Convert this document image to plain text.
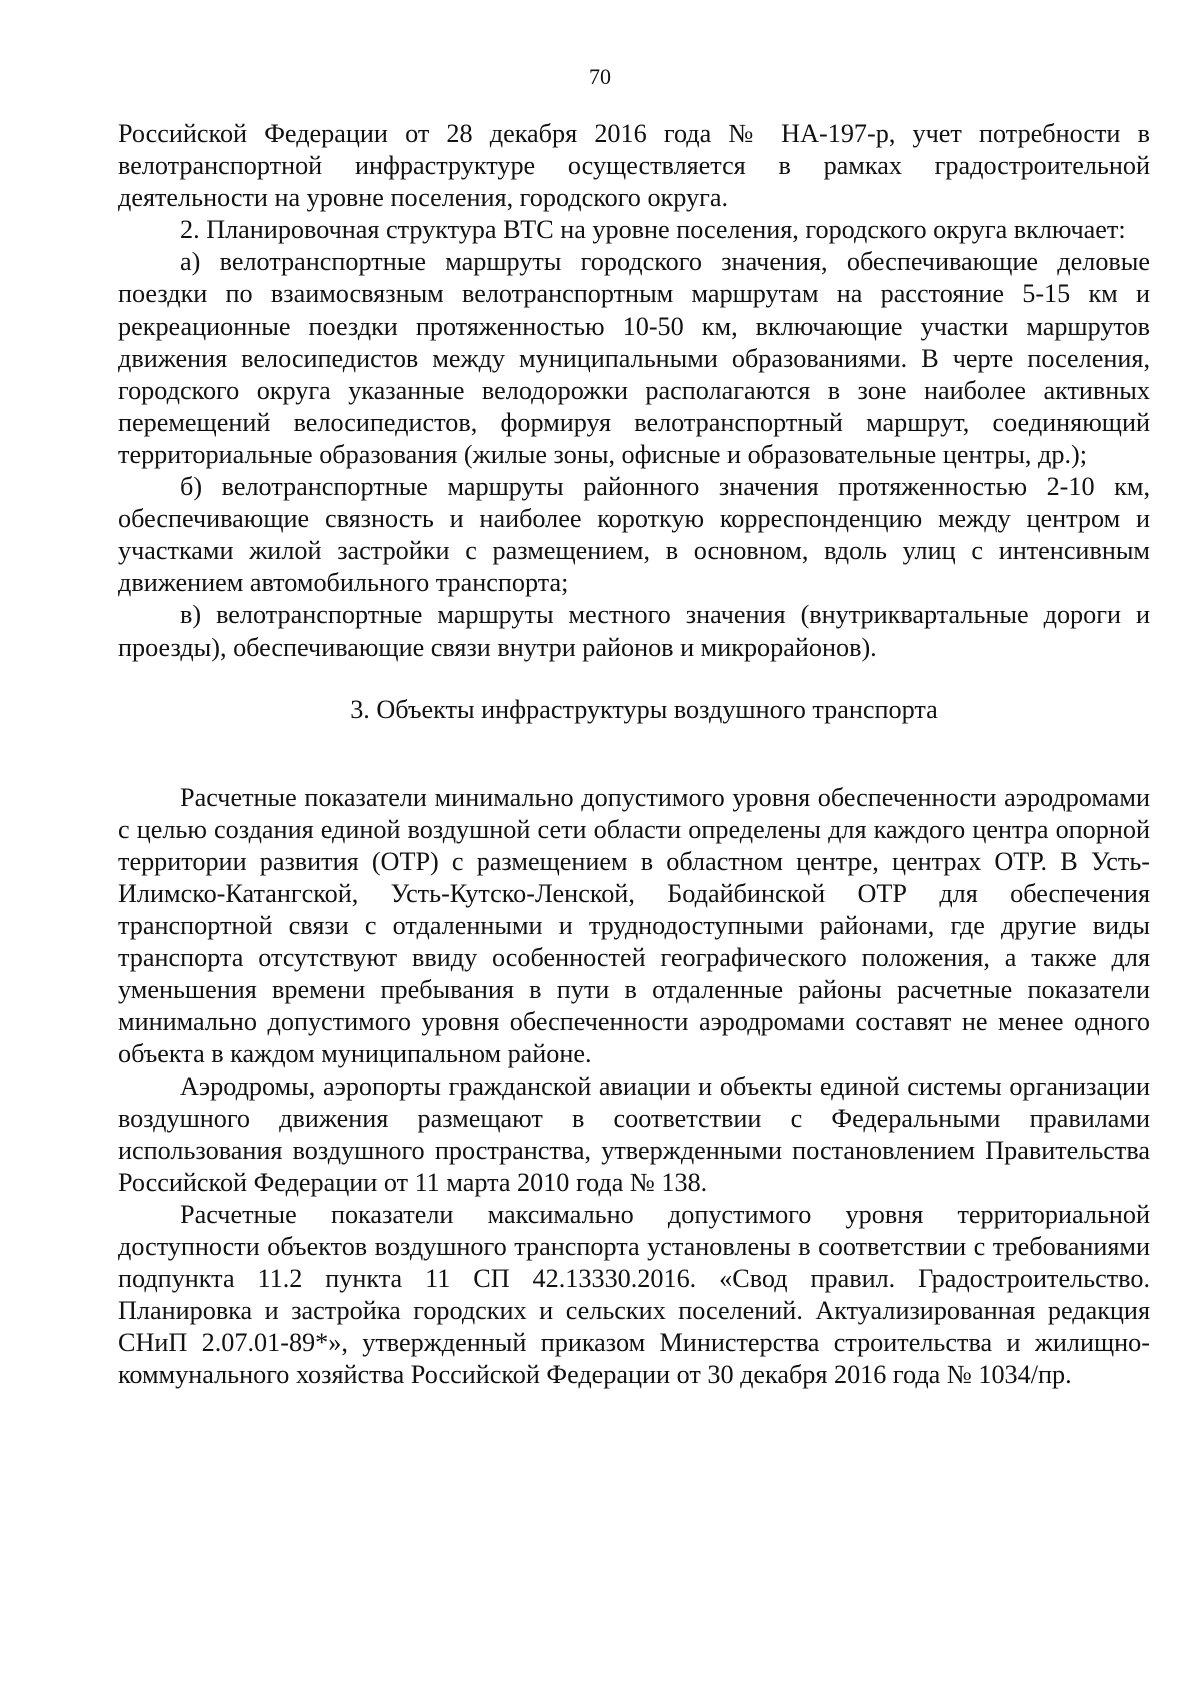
70

Российской Федерации от 28 декабря 2016 года № НА-197-р, учет потребности в велотранспортной инфраструктуре осуществляется в рамках градостроительной деятельности на уровне поселения, городского округа.

2. Планировочная структура ВТС на уровне поселения, городского округа включает:

а) велотранспортные маршруты городского значения, обеспечивающие деловые поездки по взаимосвязным велотранспортным маршрутам на расстояние 5-15 км и рекреационные поездки протяженностью 10-50 км, включающие участки маршрутов движения велосипедистов между муниципальными образованиями. В черте поселения, городского округа указанные велодорожки располагаются в зоне наиболее активных перемещений велосипедистов, формируя велотранспортный маршрут, соединяющий территориальные образования (жилые зоны, офисные и образовательные центры, др.);

б) велотранспортные маршруты районного значения протяженностью 2-10 км, обеспечивающие связность и наиболее короткую корреспонденцию между центром и участками жилой застройки с размещением, в основном, вдоль улиц с интенсивным движением автомобильного транспорта;

в) велотранспортные маршруты местного значения (внутриквартальные дороги и проезды), обеспечивающие связи внутри районов и микрорайонов).

3. Объекты инфраструктуры воздушного транспорта

Расчетные показатели минимально допустимого уровня обеспеченности аэродромами с целью создания единой воздушной сети области определены для каждого центра опорной территории развития (ОТР) с размещением в областном центре, центрах ОТР. В Усть-Илимско-Катангской, Усть-Кутско-Ленской, Бодайбинской ОТР для обеспечения транспортной связи с отдаленными и труднодоступными районами, где другие виды транспорта отсутствуют ввиду особенностей географического положения, а также для уменьшения времени пребывания в пути в отдаленные районы расчетные показатели минимально допустимого уровня обеспеченности аэродромами составят не менее одного объекта в каждом муниципальном районе.

Аэродромы, аэропорты гражданской авиации и объекты единой системы организации воздушного движения размещают в соответствии с Федеральными правилами использования воздушного пространства, утвержденными постановлением Правительства Российской Федерации от 11 марта 2010 года № 138.

Расчетные показатели максимально допустимого уровня территориальной доступности объектов воздушного транспорта установлены в соответствии с требованиями подпункта 11.2 пункта 11 СП 42.13330.2016. «Свод правил. Градостроительство. Планировка и застройка городских и сельских поселений. Актуализированная редакция СНиП 2.07.01-89*», утвержденный приказом Министерства строительства и жилищно-коммунального хозяйства Российской Федерации от 30 декабря 2016 года № 1034/пр.
